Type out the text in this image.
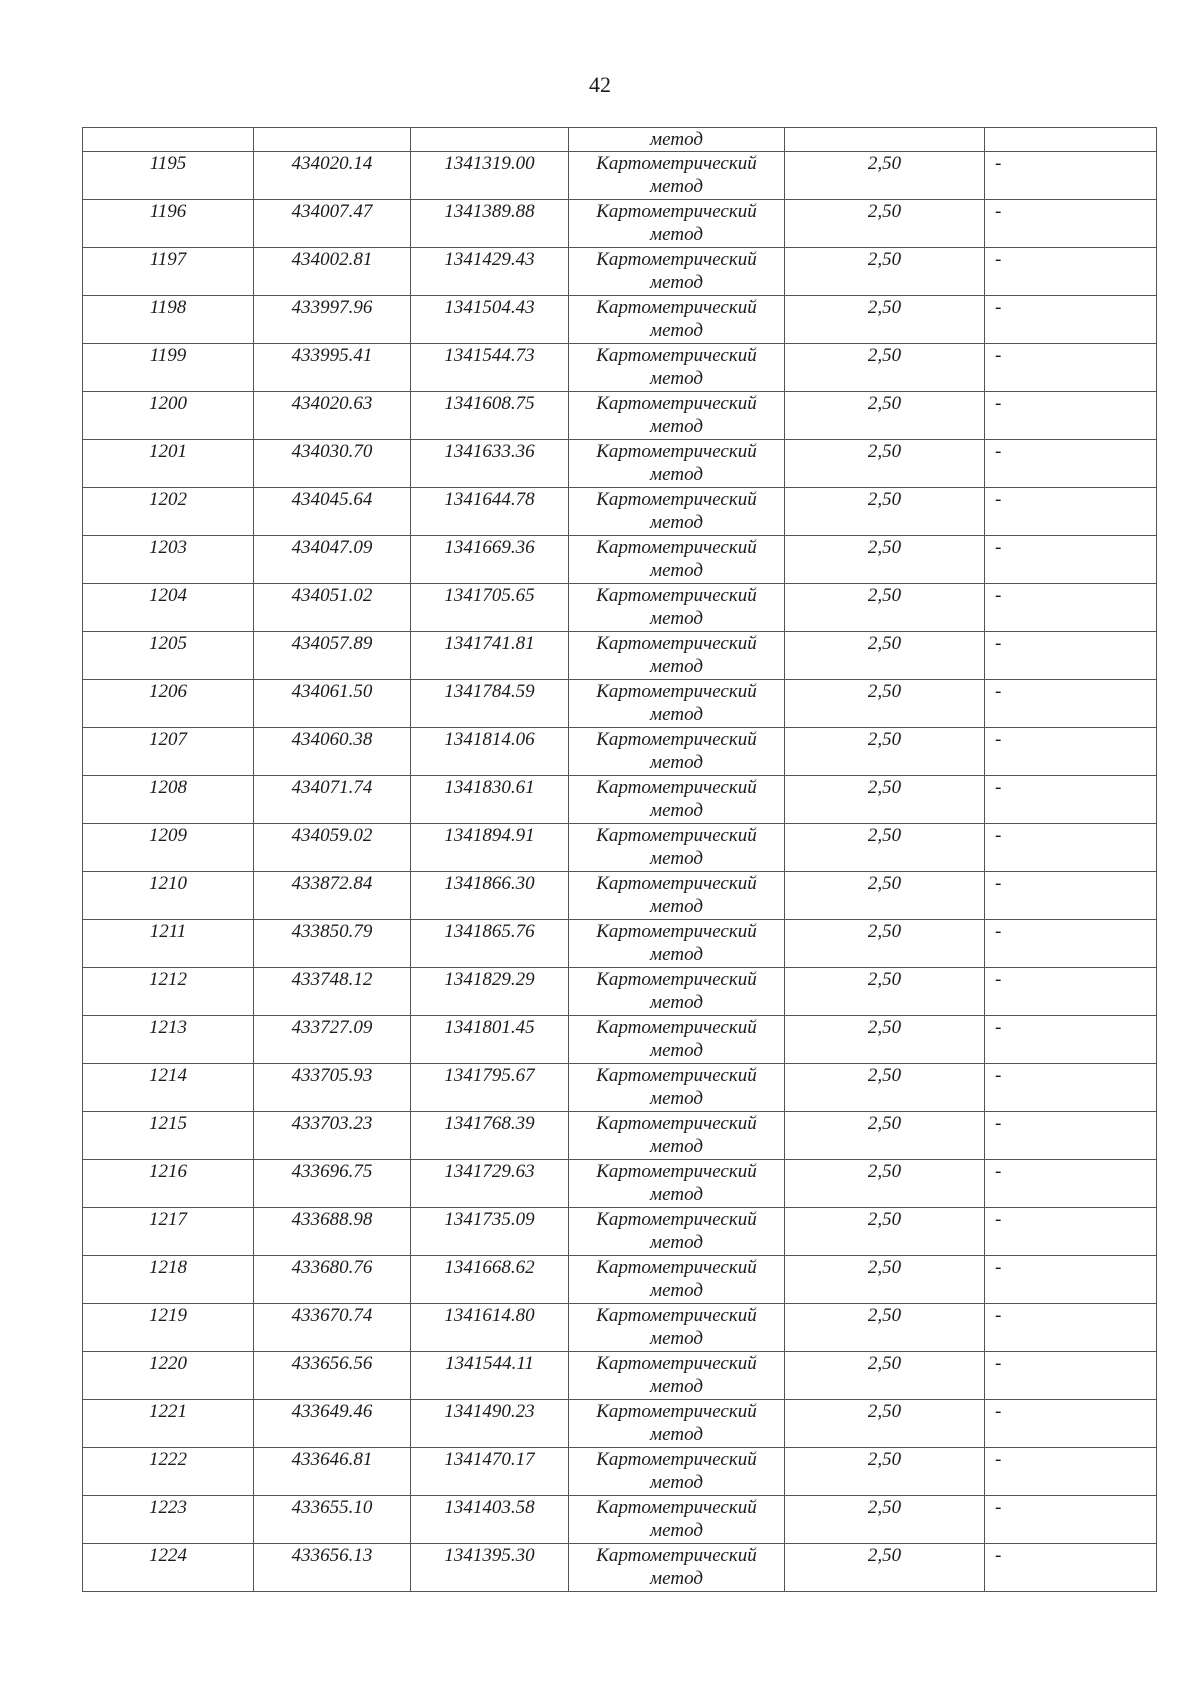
42
			метод		
1195	434020.14	1341319.00	Картометрический
метод	2,50	-
1196	434007.47	1341389.88	Картометрический
метод	2,50	-
1197	434002.81	1341429.43	Картометрический
метод	2,50	-
1198	433997.96	1341504.43	Картометрический
метод	2,50	-
1199	433995.41	1341544.73	Картометрический
метод	2,50	-
1200	434020.63	1341608.75	Картометрический
метод	2,50	-
1201	434030.70	1341633.36	Картометрический
метод	2,50	-
1202	434045.64	1341644.78	Картометрический
метод	2,50	-
1203	434047.09	1341669.36	Картометрический
метод	2,50	-
1204	434051.02	1341705.65	Картометрический
метод	2,50	-
1205	434057.89	1341741.81	Картометрический
метод	2,50	-
1206	434061.50	1341784.59	Картометрический
метод	2,50	-
1207	434060.38	1341814.06	Картометрический
метод	2,50	-
1208	434071.74	1341830.61	Картометрический
метод	2,50	-
1209	434059.02	1341894.91	Картометрический
метод	2,50	-
1210	433872.84	1341866.30	Картометрический
метод	2,50	-
1211	433850.79	1341865.76	Картометрический
метод	2,50	-
1212	433748.12	1341829.29	Картометрический
метод	2,50	-
1213	433727.09	1341801.45	Картометрический
метод	2,50	-
1214	433705.93	1341795.67	Картометрический
метод	2,50	-
1215	433703.23	1341768.39	Картометрический
метод	2,50	-
1216	433696.75	1341729.63	Картометрический
метод	2,50	-
1217	433688.98	1341735.09	Картометрический
метод	2,50	-
1218	433680.76	1341668.62	Картометрический
метод	2,50	-
1219	433670.74	1341614.80	Картометрический
метод	2,50	-
1220	433656.56	1341544.11	Картометрический
метод	2,50	-
1221	433649.46	1341490.23	Картометрический
метод	2,50	-
1222	433646.81	1341470.17	Картометрический
метод	2,50	-
1223	433655.10	1341403.58	Картометрический
метод	2,50	-
1224	433656.13	1341395.30	Картометрический
метод	2,50	-
